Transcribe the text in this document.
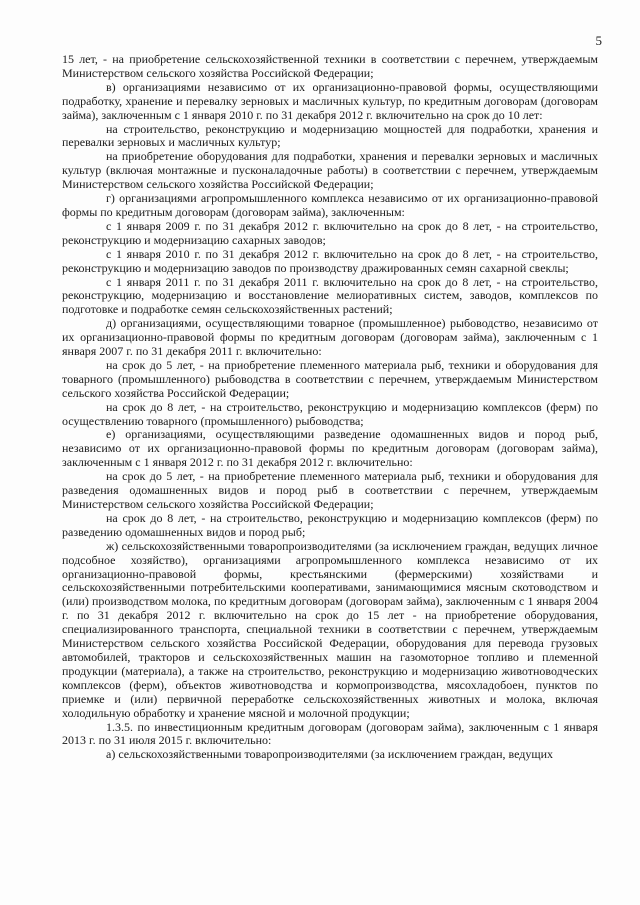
5

15 лет, - на приобретение сельскохозяйственной техники в соответствии с перечнем, утверждаемым Министерством сельского хозяйства Российской Федерации;

в) организациями независимо от их организационно-правовой формы, осуществляющими подработку, хранение и перевалку зерновых и масличных культур, по кредитным договорам (договорам займа), заключенным с 1 января 2010 г. по 31 декабря 2012 г. включительно на срок до 10 лет:

на строительство, реконструкцию и модернизацию мощностей для подработки, хранения и перевалки зерновых и масличных культур;

на приобретение оборудования для подработки, хранения и перевалки зерновых и масличных культур (включая монтажные и пусконаладочные работы) в соответствии с перечнем, утверждаемым Министерством сельского хозяйства Российской Федерации;

г) организациями агропромышленного комплекса независимо от их организационно-правовой формы по кредитным договорам (договорам займа), заключенным:

с 1 января 2009 г. по 31 декабря 2012 г. включительно на срок до 8 лет, - на строительство, реконструкцию и модернизацию сахарных заводов;

с 1 января 2010 г. по 31 декабря 2012 г. включительно на срок до 8 лет, - на строительство, реконструкцию и модернизацию заводов по производству дражированных семян сахарной свеклы;

с 1 января 2011 г. по 31 декабря 2011 г. включительно на срок до 8 лет, - на строительство, реконструкцию, модернизацию и восстановление мелиоративных систем, заводов, комплексов по подготовке и подработке семян сельскохозяйственных растений;

д) организациями, осуществляющими товарное (промышленное) рыбоводство, независимо от их организационно-правовой формы по кредитным договорам (договорам займа), заключенным с 1 января 2007 г. по 31 декабря 2011 г. включительно:

на срок до 5 лет, - на приобретение племенного материала рыб, техники и оборудования для товарного (промышленного) рыбоводства в соответствии с перечнем, утверждаемым Министерством сельского хозяйства Российской Федерации;

на срок до 8 лет, - на строительство, реконструкцию и модернизацию комплексов (ферм) по осуществлению товарного (промышленного) рыбоводства;

е) организациями, осуществляющими разведение одомашненных видов и пород рыб, независимо от их организационно-правовой формы по кредитным договорам (договорам займа), заключенным с 1 января 2012 г. по 31 декабря 2012 г. включительно:

на срок до 5 лет, - на приобретение племенного материала рыб, техники и оборудования для разведения одомашненных видов и пород рыб в соответствии с перечнем, утверждаемым Министерством сельского хозяйства Российской Федерации;

на срок до 8 лет, - на строительство, реконструкцию и модернизацию комплексов (ферм) по разведению одомашненных видов и пород рыб;

ж) сельскохозяйственными товаропроизводителями (за исключением граждан, ведущих личное подсобное хозяйство), организациями агропромышленного комплекса независимо от их организационно-правовой формы, крестьянскими (фермерскими) хозяйствами и сельскохозяйственными потребительскими кооперативами, занимающимися мясным скотоводством и (или) производством молока, по кредитным договорам (договорам займа), заключенным с 1 января 2004 г. по 31 декабря 2012 г. включительно на срок до 15 лет - на приобретение оборудования, специализированного транспорта, специальной техники в соответствии с перечнем, утверждаемым Министерством сельского хозяйства Российской Федерации, оборудования для перевода грузовых автомобилей, тракторов и сельскохозяйственных машин на газомоторное топливо и племенной продукции (материала), а также на строительство, реконструкцию и модернизацию животноводческих комплексов (ферм), объектов животноводства и кормопроизводства, мясохладобоен, пунктов по приемке и (или) первичной переработке сельскохозяйственных животных и молока, включая холодильную обработку и хранение мясной и молочной продукции;

1.3.5. по инвестиционным кредитным договорам (договорам займа), заключенным с 1 января 2013 г. по 31 июля 2015 г. включительно:

а) сельскохозяйственными товаропроизводителями (за исключением граждан, ведущих
